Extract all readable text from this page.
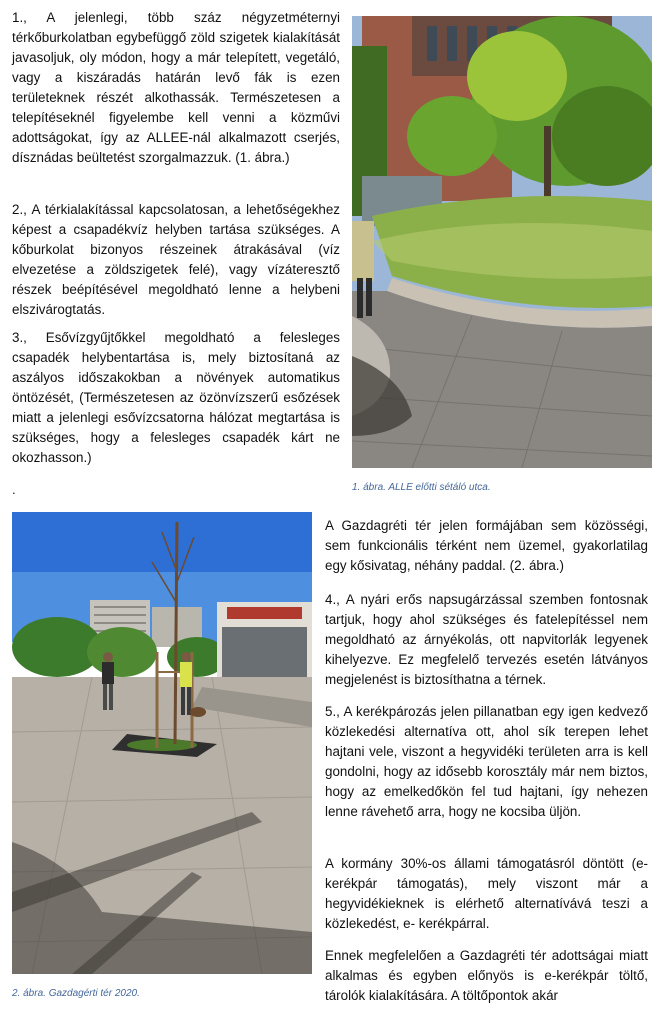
1., A jelenlegi, több száz négyzetméternyi térkőburkolatban egybefüggő zöld szigetek kialakítását javasoljuk, oly módon, hogy a már telepített, vegetáló, vagy a kiszáradás határán levő fák is ezen területeknek részét alkothassák. Természetesen a telepítéseknél figyelembe kell venni a közművi adottságokat, így az ALLEE-nál alkalmazott cserjés, dísznádas beültetést szorgalmazzuk. (1. ábra.)

2., A térkialakítással kapcsolatosan, a lehetőségekhez képest a csapadékvíz helyben tartása szükséges. A kőburkolat bizonyos részeinek átrakásával (víz elvezetése a zöldszigetek felé), vagy vízáteresztő részek beépítésével megoldható lenne a helybeni elszivárogtatás.

3., Esővízgyűjtőkkel megoldható a felesleges csapadék helybentartása is, mely biztosítaná az aszályos időszakokban a növények automatikus öntözését, (Természetesen az özönvízszerű esőzések miatt a jelenlegi esővízcsatorna hálózat megtartása is szükséges, hogy a felesleges csapadék kárt ne okozhasson.)

.	1. ábra. ALLE előtti sétáló utca.

2. ábra. Gazdagérti tér 2020.

A Gazdagréti tér jelen formájában sem közösségi, sem funkcionális térként nem üzemel, gyakorlatilag egy kősivatag, néhány paddal. (2. ábra.)

4., A nyári erős napsugárzással szemben fontosnak tartjuk, hogy ahol szükséges és fatelepítéssel nem megoldható az árnyékolás, ott napvitorlák legyenek kihelyezve. Ez megfelelő tervezés esetén látványos megjelenést is biztosíthatna a térnek.

5., A kerékpározás jelen pillanatban egy igen kedvező közlekedési alternatíva ott, ahol sík terepen lehet hajtani vele, viszont a hegyvidéki területen arra is kell gondolni, hogy az idősebb korosztály már nem biztos, hogy az emelkedőkön fel tud hajtani, így nehezen lenne rávehető arra, hogy ne kocsiba üljön.

A kormány 30%-os állami támogatásról döntött (e-kerékpár támogatás), mely viszont már a hegyvidékieknek is elérhető alternatívává teszi a közlekedést, e- kerékpárral.

Ennek megfelelően a Gazdagréti tér adottságai miatt alkalmas és egyben előnyös is e-kerékpár töltő, tárolók kialakítására. A töltőpontok akár
